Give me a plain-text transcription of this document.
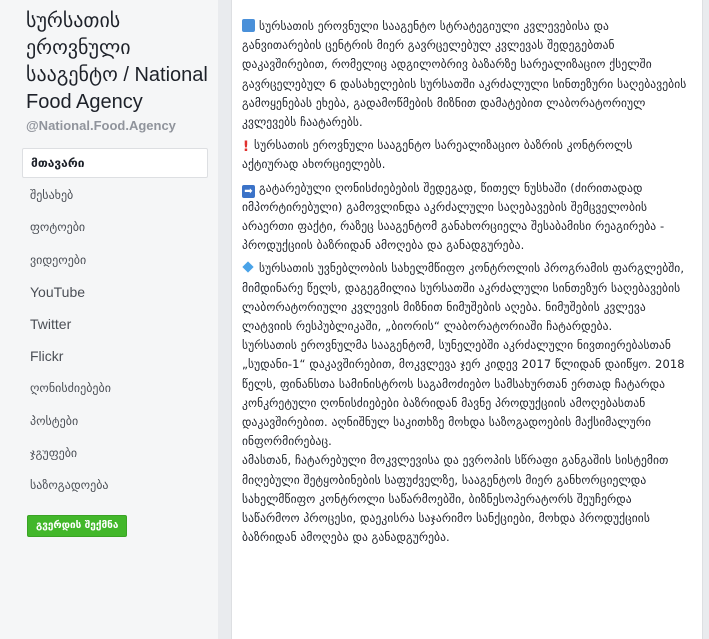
სურსათის ეროვნული სააგენტო / National Food Agency
@National.Food.Agency
მთავარი
შესახებ
ფოტოები
ვიდეოები
YouTube
Twitter
Flickr
ღონისძიებები
პოსტები
ჯგუფები
საზოგადოება
გვერდის შექმნა

TOPსურსათის ეროვნული სააგენტო სტრატეგიული კვლევებისა და განვითარების ცენტრის მიერ გავრცელებულ კვლევას შედეგებთან დაკავშირებით, რომელიც ადგილობრივ ბაზარზე სარეალიზაციო ქსელში გავრცელებულ 6 დასახელების სურსათში აკრძალული სინთეზური საღებავების გამოყენებას ეხება, გადამოწმების მიზნით დამატებით ლაბორატორიულ კვლევებს ჩაატარებს.

! სურსათის ეროვნული სააგენტო სარეალიზაციო ბაზრის კონტროლს აქტიურად ახორციელებს.

➡ გატარებული ღონისძიებების შედეგად, წითელ ნუსხაში (ძირითადად იმპორტირებული) გამოვლინდა აკრძალული საღებავების შემცველობის არაერთი ფაქტი, რაზეც სააგენტომ განახორციელა შესაბამისი რეაგირება - პროდუქციის ბაზრიდან ამოღება და განადგურება.

სურსათის უვნებლობის სახელმწიფო კონტროლის პროგრამის ფარგლებში, მიმდინარე წელს, დაგეგმილია სურსათში აკრძალული სინთეზურ საღებავების ლაბორატორიული კვლევის მიზნით ნიმუშების აღება. ნიმუშების კვლევა ლატვიის რესპუბლიკაში, „ბიორის“ ლაბორატორიაში ჩატარდება.

სურსათის ეროვნულმა სააგენტომ, სუნელებში აკრძალული ნივთიერებასთან „სუდანი-1“ დაკავშირებით, მოკვლევა ჯერ კიდევ 2017 წლიდან დაიწყო. 2018 წელს, ფინანსთა სამინისტროს საგამოძიებო სამსახურთან ერთად ჩატარდა კონკრეტული ღონისძიებები ბაზრიდან მავნე პროდუქციის ამოღებასთან დაკავშირებით. აღნიშნულ საკითხზე მოხდა საზოგადოების მაქსიმალური ინფორმირებაც.

ამასთან, ჩატარებული მოკვლევისა და ევროპის სწრაფი განგაშის სისტემით მიღებული შეტყობინების საფუძველზე, სააგენტოს მიერ განხორციელდა სახელმწიფო კონტროლი საწარმოებში, ბიზნესოპერატორს შეუჩერდა საწარმოო პროცესი, დაეკისრა საჯარიმო სანქციები, მოხდა პროდუქციის ბაზრიდან ამოღება და განადგურება.
